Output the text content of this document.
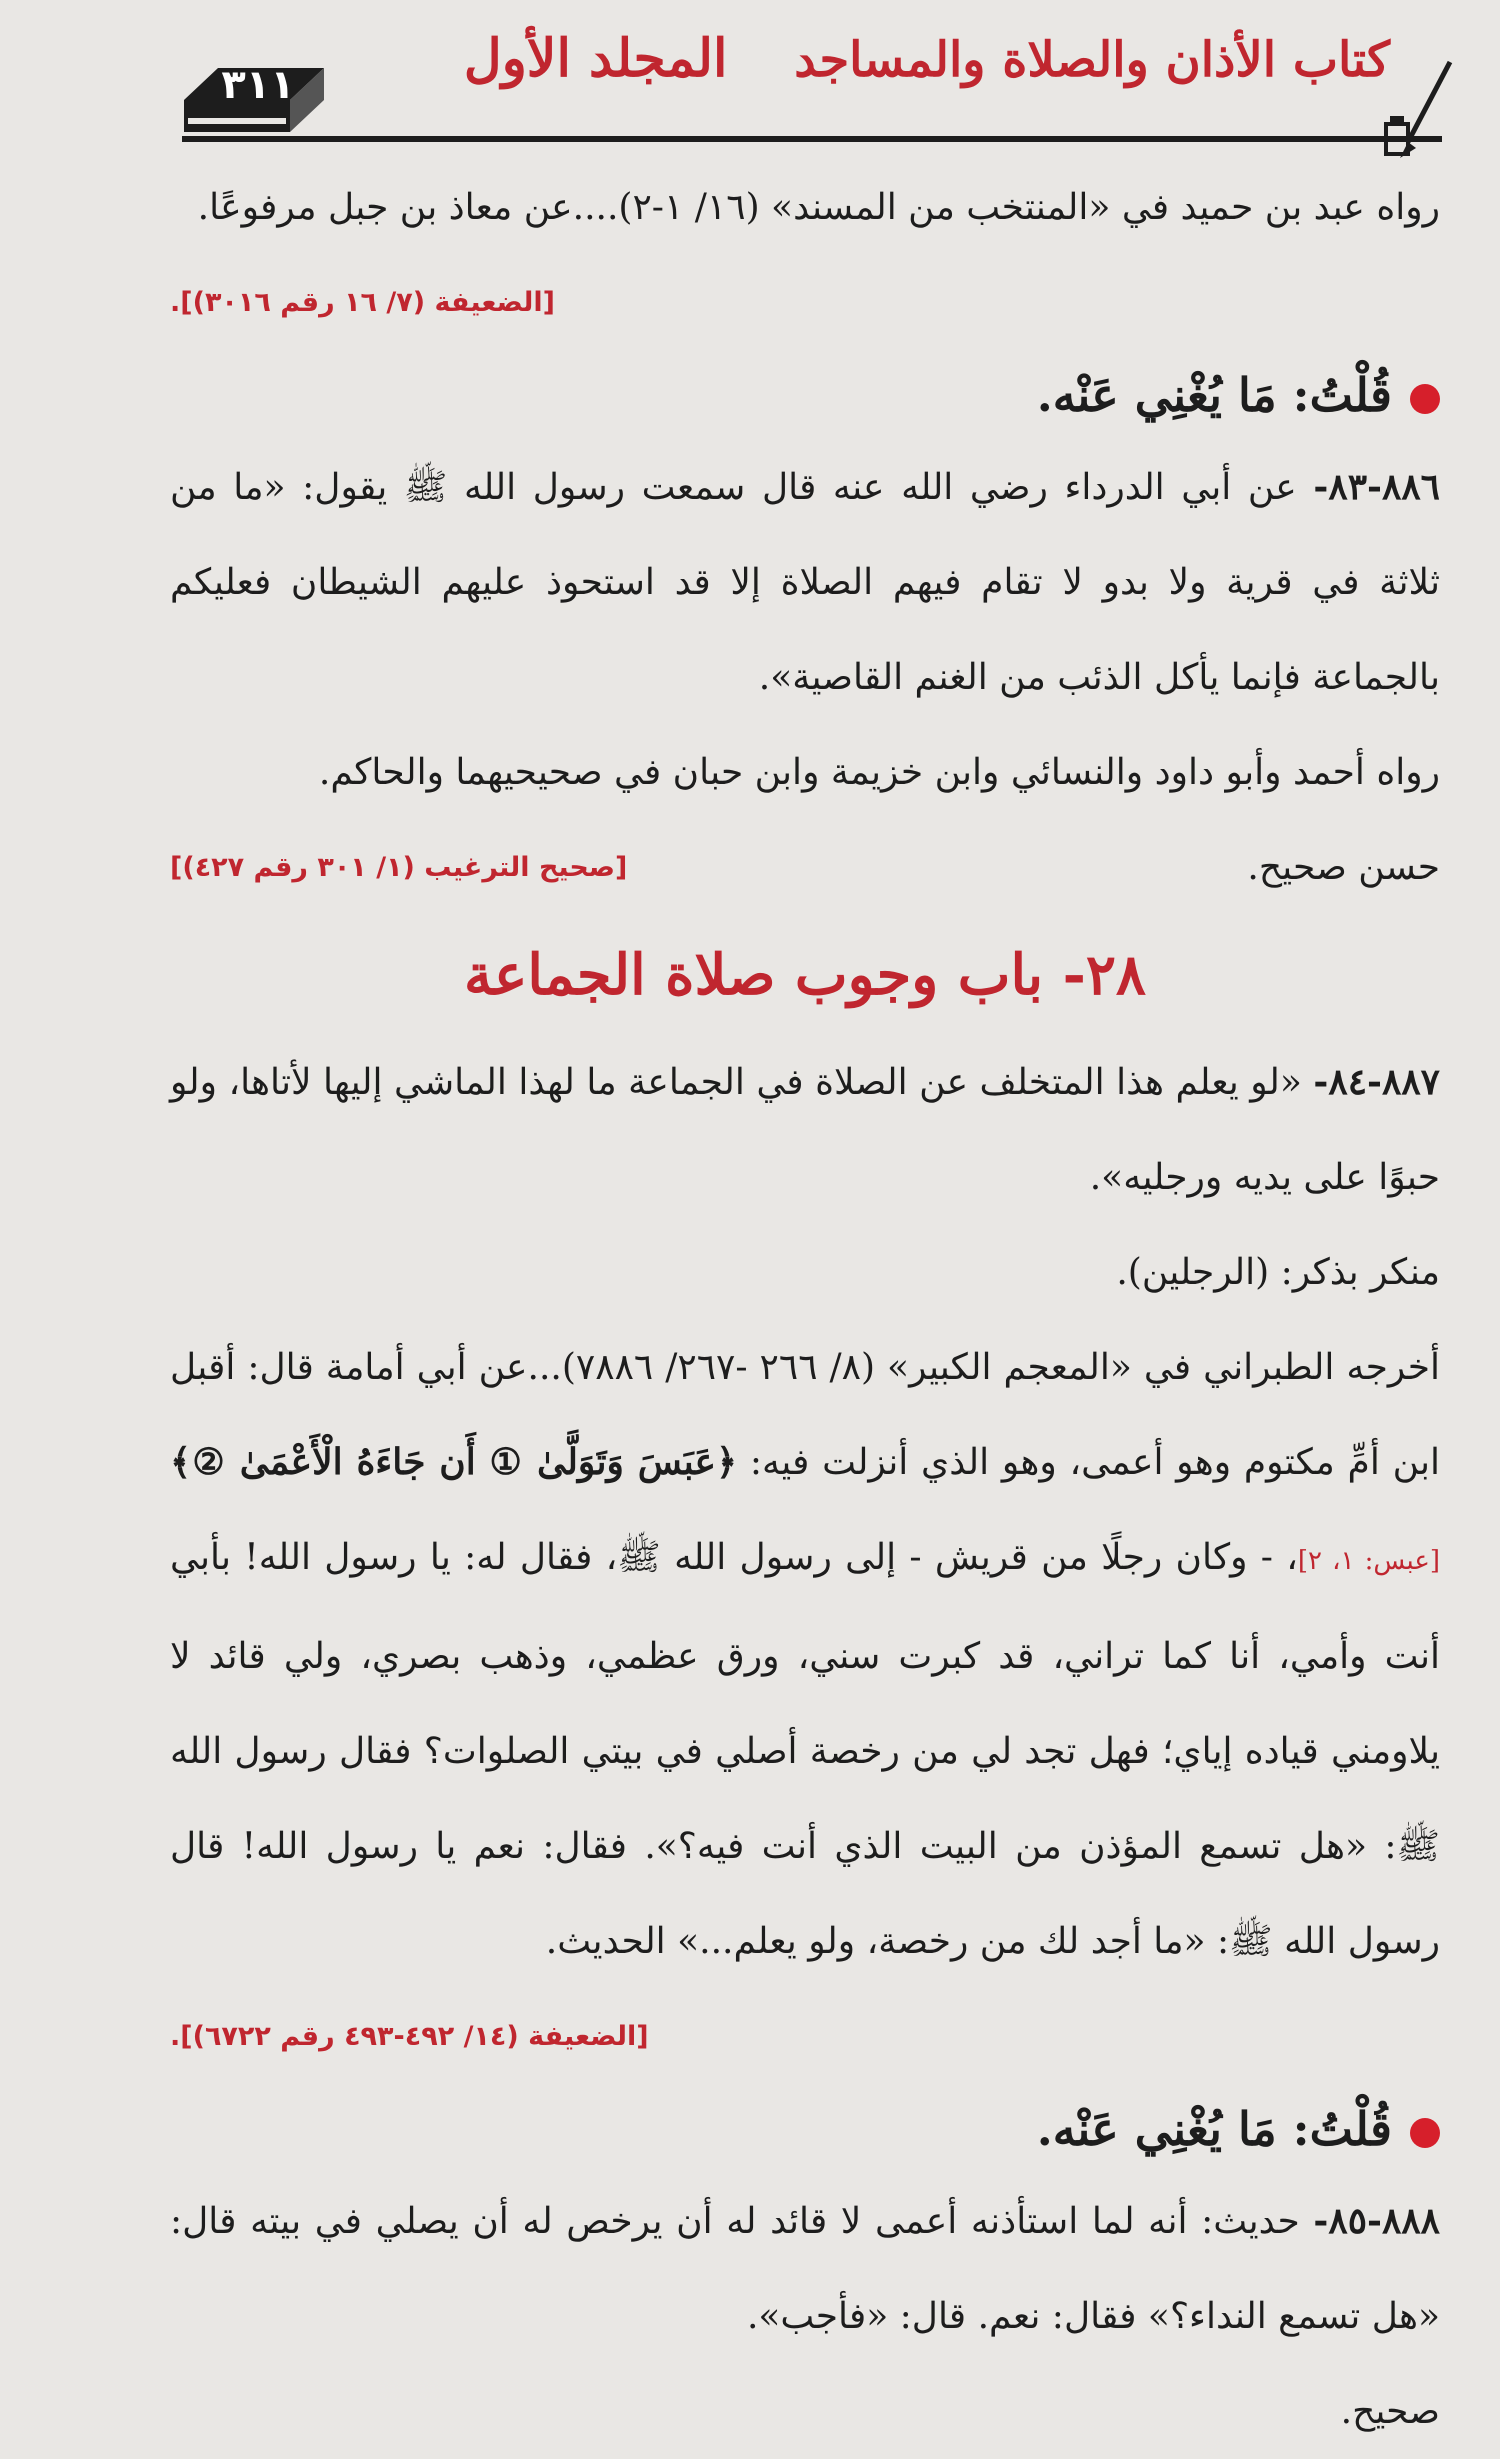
٣١١	كتاب الأذان والصلاة والمساجد    المجلد الأول
رواه عبد بن حميد في «المنتخب من المسند» (١٦/ ١-٢)....عن معاذ بن جبل مرفوعًا.
[الضعيفة (٧/ ١٦ رقم ٣٠١٦)].

قُلْتُ: مَا يُغْنِي عَنْه.
٨٨٦-٨٣- عن أبي الدرداء رضي الله عنه قال سمعت رسول الله ﷺ يقول: «ما من ثلاثة في قرية ولا بدو لا تقام فيهم الصلاة إلا قد استحوذ عليهم الشيطان فعليكم بالجماعة فإنما يأكل الذئب من الغنم القاصية».
رواه أحمد وأبو داود والنسائي وابن خزيمة وابن حبان في صحيحيهما والحاكم.
حسن صحيح.
[صحيح الترغيب (١/ ٣٠١ رقم ٤٢٧)]
٢٨- باب وجوب صلاة الجماعة
٨٨٧-٨٤- «لو يعلم هذا المتخلف عن الصلاة في الجماعة ما لهذا الماشي إليها لأتاها، ولو حبوًا على يديه ورجليه».
منكر بذكر: (الرجلين).
أخرجه الطبراني في «المعجم الكبير» (٨/ ٢٦٦ -٢٦٧/ ٧٨٨٦)...عن أبي أمامة قال: أقبل ابن أمِّ مكتوم وهو أعمى، وهو الذي أنزلت فيه: ﴿عَبَسَ وَتَوَلَّىٰ ① أَن جَاءَهُ الْأَعْمَىٰ ②﴾[عبس: ١، ٢]، - وكان رجلًا من قريش - إلى رسول الله ﷺ، فقال له: يا رسول الله! بأبي أنت وأمي، أنا كما تراني، قد كبرت سني، ورق عظمي، وذهب بصري، ولي قائد لا يلاومني قياده إياي؛ فهل تجد لي من رخصة أصلي في بيتي الصلوات؟ فقال رسول الله ﷺ: «هل تسمع المؤذن من البيت الذي أنت فيه؟». فقال: نعم يا رسول الله! قال رسول الله ﷺ: «ما أجد لك من رخصة، ولو يعلم...» الحديث.
[الضعيفة (١٤/ ٤٩٢-٤٩٣ رقم ٦٧٢٢)].

قُلْتُ: مَا يُغْنِي عَنْه.
٨٨٨-٨٥- حديث: أنه لما استأذنه أعمى لا قائد له أن يرخص له أن يصلي في بيته قال: «هل تسمع النداء؟» فقال: نعم. قال: «فأجب».
صحيح.
